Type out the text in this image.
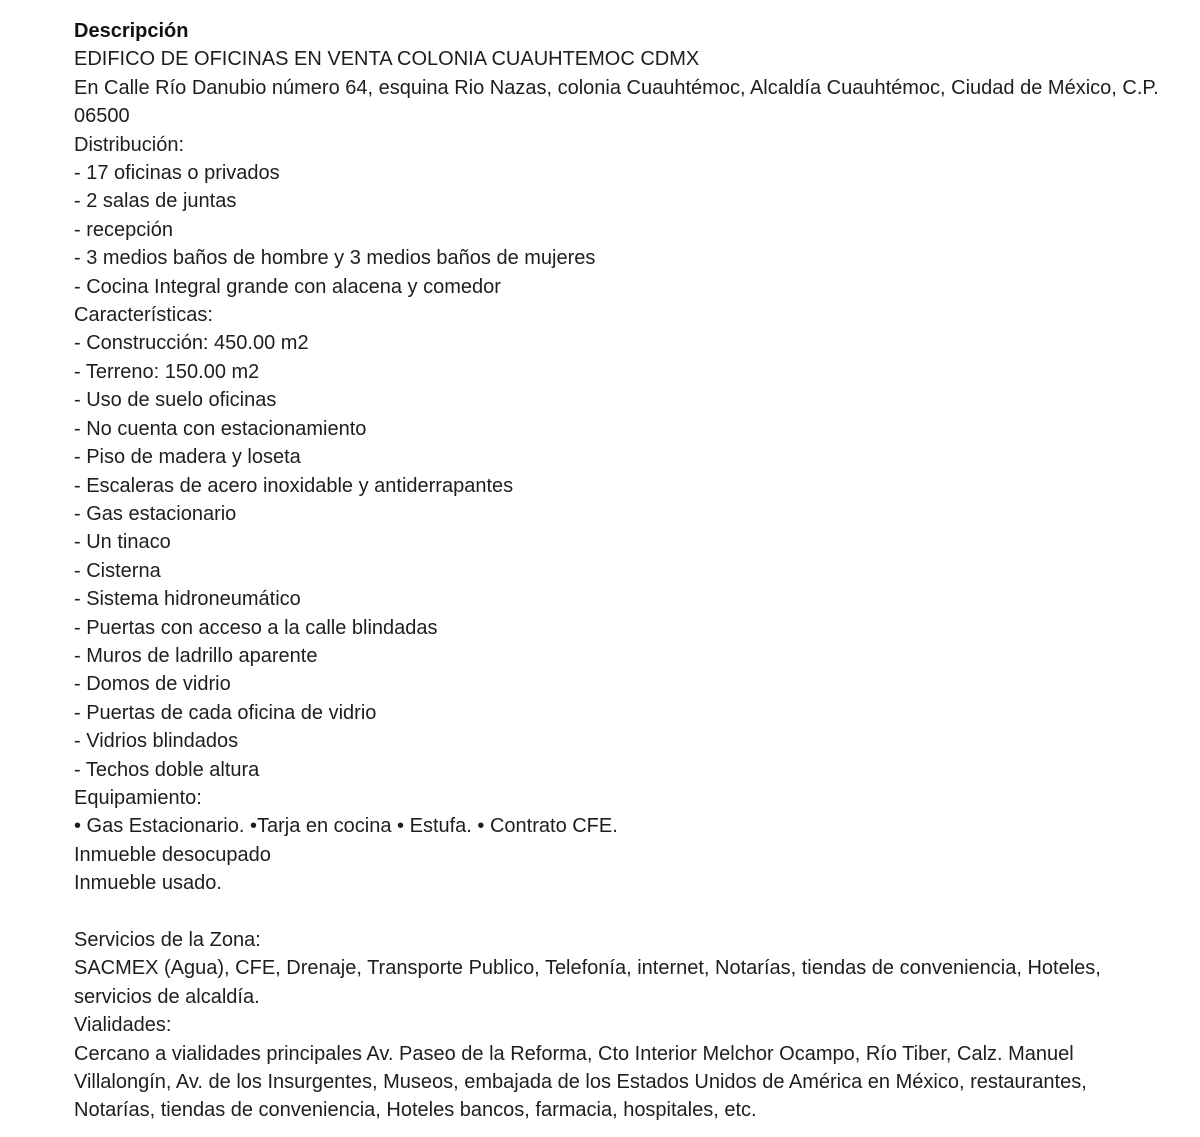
Descripción
EDIFICO DE OFICINAS EN VENTA COLONIA CUAUHTEMOC CDMX
En Calle Río Danubio número 64, esquina Rio Nazas, colonia Cuauhtémoc, Alcaldía Cuauhtémoc, Ciudad de México, C.P. 06500
Distribución:
- 17 oficinas o privados
- 2 salas de juntas
- recepción
- 3 medios baños de hombre y 3 medios baños de mujeres
- Cocina Integral grande con alacena y comedor
Características:
- Construcción: 450.00 m2
- Terreno: 150.00 m2
- Uso de suelo oficinas
- No cuenta con estacionamiento
- Piso de madera y loseta
- Escaleras de acero inoxidable y antiderrapantes
- Gas estacionario
- Un tinaco
- Cisterna
- Sistema hidroneumático
- Puertas con acceso a la calle blindadas
- Muros de ladrillo aparente
- Domos de vidrio
- Puertas de cada oficina de vidrio
- Vidrios blindados
- Techos doble altura
Equipamiento:
• Gas Estacionario. •Tarja en cocina • Estufa. • Contrato CFE.
Inmueble desocupado
Inmueble usado.
Servicios de la Zona:
SACMEX (Agua), CFE, Drenaje, Transporte Publico, Telefonía, internet, Notarías, tiendas de conveniencia, Hoteles, servicios de alcaldía.
Vialidades:
Cercano a vialidades principales Av. Paseo de la Reforma, Cto Interior Melchor Ocampo, Río Tiber, Calz. Manuel Villalongín, Av. de los Insurgentes, Museos, embajada de los Estados Unidos de América en México, restaurantes, Notarías, tiendas de conveniencia, Hoteles bancos, farmacia, hospitales, etc.
